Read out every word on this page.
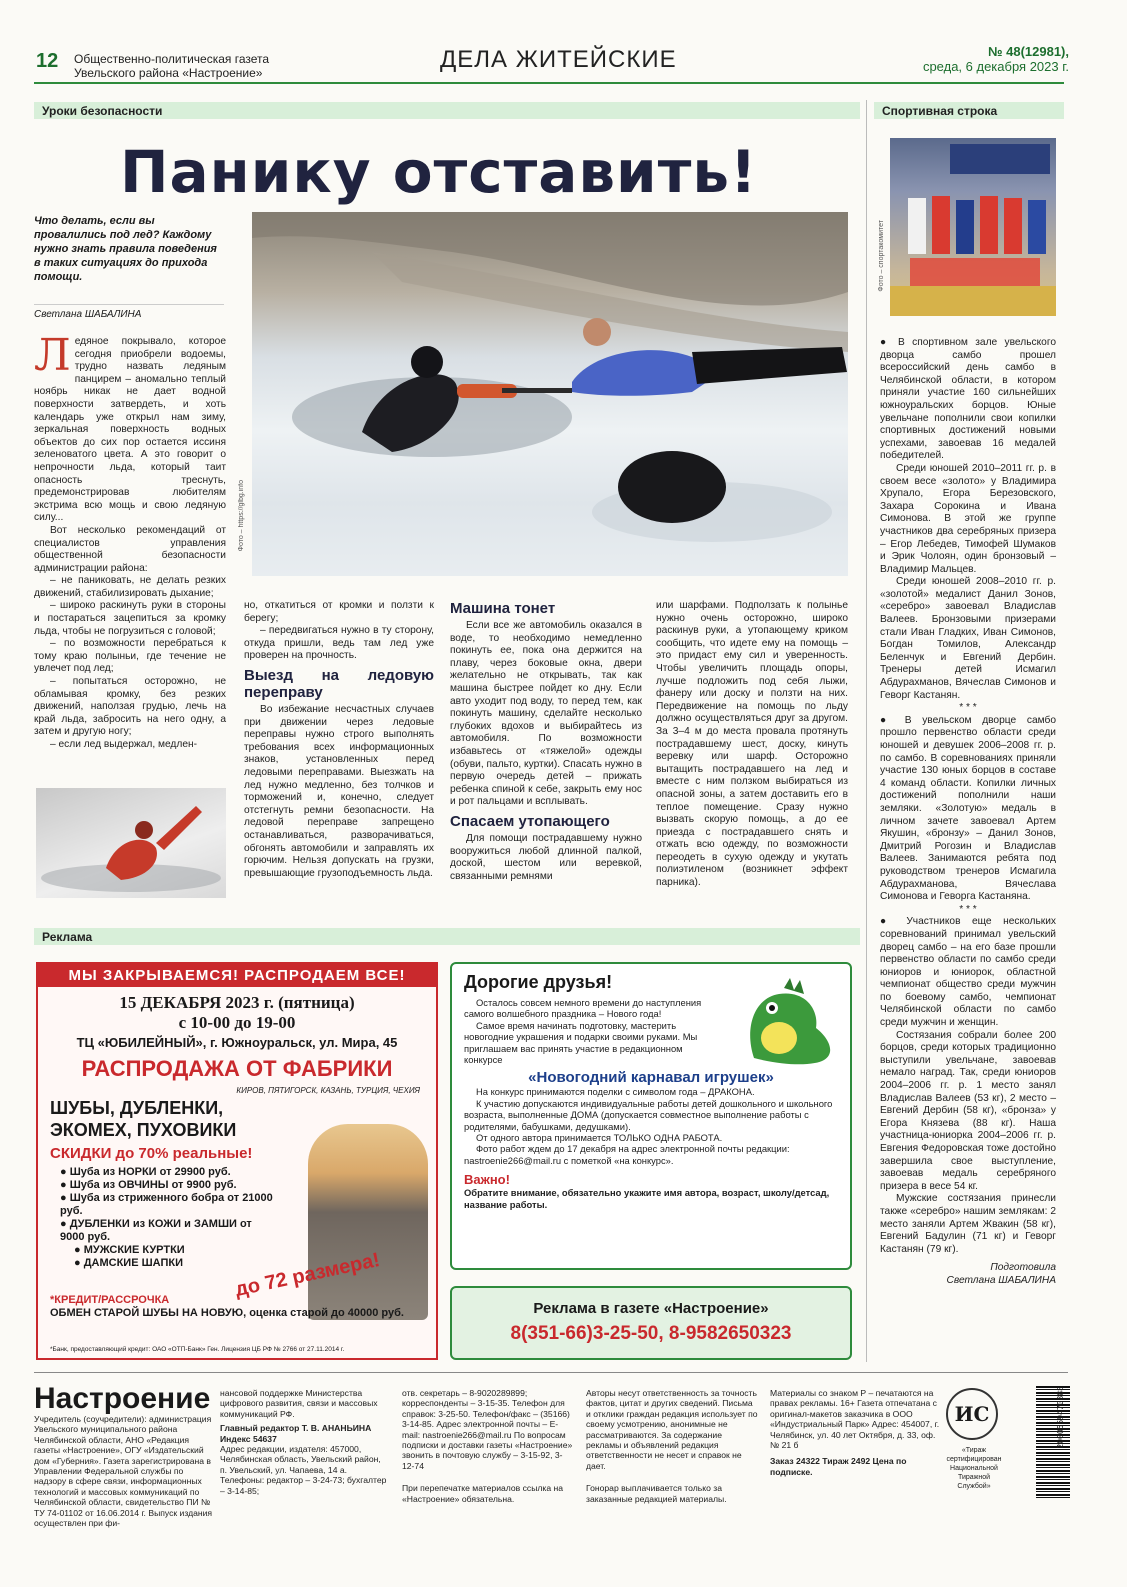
12 Общественно-политическая газета
Увельского района «Настроение»	ДЕЛА ЖИТЕЙСКИЕ	№ 48(12981),
среда, 6 декабря 2023 г.
Уроки безопасности	Спортивная строка
Панику отставить!
Что делать, если вы провалились под лед? Каждому нужно знать правила поведения в таких ситуациях до прихода помощи.
Светлана ШАБАЛИНА
Фото – https://glbg.info

Ледяное покрывало, которое сегодня приобрели водоемы, трудно назвать ледяным панцирем – аномально теплый ноябрь никак не дает водной поверхности затвердеть, и хоть календарь уже открыл нам зиму, зеркальная поверхность водных объектов до сих пор остается иссиня зеленоватого цвета. А это говорит о непрочности льда, который таит опасность треснуть, предемонстрировав любителям экстрима всю мощь и свою ледяную силу...

Вот несколько рекомендаций от специалистов управления общественной безопасности администрации района:

– не паниковать, не делать резких движений, стабилизировать дыхание;

– широко раскинуть руки в стороны и постараться зацепиться за кромку льда, чтобы не погрузиться с головой;

– по возможности перебраться к тому краю полыньи, где течение не увлечет под лед;

– попытаться осторожно, не обламывая кромку, без резких движений, наползая грудью, лечь на край льда, забросить на него одну, а затем и другую ногу;

– если лед выдержал, медлен-

но, откатиться от кромки и ползти к берегу;

– передвигаться нужно в ту сторону, откуда пришли, ведь там лед уже проверен на прочность.

Выезд на ледовую переправу

Во избежание несчастных случаев при движении через ледовые переправы нужно строго выполнять требования всех информационных знаков, установленных перед ледовыми переправами. Выезжать на лед нужно медленно, без толчков и торможений и, конечно, следует отстегнуть ремни безопасности. На ледовой переправе запрещено останавливаться, разворачиваться, обгонять автомобили и заправлять их горючим. Нельзя допускать на грузки, превышающие грузоподъемность льда.

Машина тонет

Если все же автомобиль оказался в воде, то необходимо немедленно покинуть ее, пока она держится на плаву, через боковые окна, двери желательно не открывать, так как машина быстрее пойдет ко дну. Если авто уходит под воду, то перед тем, как покинуть машину, сделайте несколько глубоких вдохов и выбирайтесь из автомобиля. По возможности избавьтесь от «тяжелой» одежды (обуви, пальто, куртки). Спасать нужно в первую очередь детей – прижать ребенка спиной к себе, закрыть ему нос и рот пальцами и всплывать.

Спасаем утопающего

Для помощи пострадавшему нужно вооружиться любой длинной палкой, доской, шестом или веревкой, связанными ремнями

или шарфами. Подползать к полынье нужно очень осторожно, широко раскинув руки, а утопающему криком сообщить, что идете ему на помощь – это придаст ему сил и уверенность. Чтобы увеличить площадь опоры, лучше подложить под себя лыжи, фанеру или доску и ползти на них. Передвижение на помощь по льду должно осуществляться друг за другом. За 3–4 м до места провала протянуть пострадавшему шест, доску, кинуть веревку или шарф. Осторожно вытащить пострадавшего на лед и вместе с ним ползком выбираться из опасной зоны, а затем доставить его в теплое помещение. Сразу нужно вызвать скорую помощь, а до ее приезда с пострадавшего снять и отжать всю одежду, по возможности переодеть в сухую одежду и укутать полиэтиленом (возникнет эффект парника).

Фото – спортакомитет

● В спортивном зале увельского дворца самбо прошел всероссийский день самбо в Челябинской области, в котором приняли участие 160 сильнейших южноуральских борцов. Юные увельчане пополнили свои копилки спортивных достижений новыми успехами, завоевав 16 медалей победителей.

Среди юношей 2010–2011 гг. р. в своем весе «золото» у Владимира Хрупало, Егора Березовского, Захара Сорокина и Ивана Симонова. В этой же группе участников два серебряных призера – Егор Лебедев, Тимофей Шумаков и Эрик Чолоян, один бронзовый – Владимир Мальцев.

Среди юношей 2008–2010 гг. р. «золотой» медалист Данил Зонов, «серебро» завоевал Владислав Валеев. Бронзовыми призерами стали Иван Гладких, Иван Симонов, Богдан Томилов, Александр Беленчук и Евгений Дербин. Тренеры детей Исмагил Абдурахманов, Вячеслав Симонов и Геворг Кастанян.

* * *

● В увельском дворце самбо прошло первенство области среди юношей и девушек 2006–2008 гг. р. по самбо. В соревнованиях приняли участие 130 юных борцов в составе 4 команд области. Копилки личных достижений пополнили наши земляки. «Золотую» медаль в личном зачете завоевал Артем Якушин, «бронзу» – Данил Зонов, Дмитрий Рогозин и Владислав Валеев. Занимаются ребята под руководством тренеров Исмагила Абдурахманова, Вячеслава Симонова и Геворга Кастаняна.

* * *

● Участников еще нескольких соревнований принимал увельский дворец самбо – на его базе прошли первенство области по самбо среди юниоров и юниорок, областной чемпионат общество среди мужчин по боевому самбо, чемпионат Челябинской области по самбо среди мужчин и женщин.

Состязания собрали более 200 борцов, среди которых традиционно выступили увельчане, завоевав немало наград. Так, среди юниоров 2004–2006 гг. р. 1 место занял Владислав Валеев (53 кг), 2 место – Евгений Дербин (58 кг), «бронза» у Егора Князева (88 кг). Наша участница-юниорка 2004–2006 гг. р. Евгения Федоровская тоже достойно завершила свое выступление, завоевав медаль серебряного призера в весе 54 кг.

Мужские состязания принесли также «серебро» нашим землякам: 2 место заняли Артем Жвакин (58 кг), Евгений Бадулин (71 кг) и Геворг Кастанян (79 кг).

Подготовила

Светлана ШАБАЛИНА

Реклама
МЫ ЗАКРЫВАЕМСЯ! РАСПРОДАЕМ ВСЕ!
15 ДЕКАБРЯ 2023 г. (пятница)
с 10-00 до 19-00
ТЦ «ЮБИЛЕЙНЫЙ», г. Южноуральск, ул. Мира, 45
РАСПРОДАЖА ОТ ФАБРИКИ
КИРОВ, ПЯТИГОРСК, КАЗАНЬ, ТУРЦИЯ, ЧЕХИЯ
ШУБЫ, ДУБЛЕНКИ, ЭКОМЕХ, ПУХОВИКИ
СКИДКИ до 70% реальные!
● Шуба из НОРКИ от 29900 руб.
● Шуба из ОВЧИНЫ от 9900 руб.
● Шуба из стриженного бобра от 21000 руб.
● ДУБЛЕНКИ из КОЖИ и ЗАМШИ от 9000 руб.
● МУЖСКИЕ КУРТКИ
● ДАМСКИЕ ШАПКИ	до 72 размера!
*КРЕДИТ/РАССРОЧКА
ОБМЕН СТАРОЙ ШУБЫ НА НОВУЮ, оценка старой до 40000 руб.
*Банк, предоставляющий кредит: ОАО «ОТП-Банк» Ген. Лицензия ЦБ РФ № 2766 от 27.11.2014 г.
Дорогие друзья!

Осталось совсем немного времени до наступления самого волшебного праздника – Нового года!

Самое время начинать подготовку, мастерить новогодние украшения и подарки своими руками. Мы приглашаем вас принять участие в редакционном конкурсе

«Новогодний карнавал игрушек»

На конкурс принимаются поделки с символом года – ДРАКОНА.

К участию допускаются индивидуальные работы детей дошкольного и школьного возраста, выполненные ДОМА (допускается совместное выполнение работы с родителями, бабушками, дедушками).

От одного автора принимается ТОЛЬКО ОДНА РАБОТА.

Фото работ ждем до 17 декабря на адрес электронной почты редакции: nastroenie266@mail.ru с пометкой «на конкурс».

Важно!
Обратите внимание, обязательно укажите имя автора, возраст, школу/детсад, название работы.
Реклама в газете «Настроение»
8(351-66)3-25-50, 8-9582650323
Настроение
Учредитель (соучредители): администрация Увельского муниципального района Челябинской области, АНО «Редакция газеты «Настроение», ОГУ «Издательский дом «Губерния». Газета зарегистрирована в Управлении Федеральной службы по надзору в сфере связи, информационных технологий и массовых коммуникаций по Челябинской области, свидетельство ПИ № ТУ 74-01102 от 16.06.2014 г. Выпуск издания осуществлен при фи-

нансовой поддержке Министерства цифрового развития, связи и массовых коммуникаций РФ.

Главный редактор Т. В. АНАНЬИНА Индекс 54637

Адрес редакции, издателя: 457000, Челябинская область, Увельский район, п. Увельский, ул. Чапаева, 14 а.

Телефоны: редактор – 3-24-73; бухгалтер – 3-14-85;

отв. секретарь – 8-9020289899; корреспонденты – 3-15-35. Телефон для справок: 3-25-50. Телефон/факс – (35166) 3-14-85. Адрес электронной почты – E-mail: nastroenie266@mail.ru По вопросам подписки и доставки газеты «Настроение» звонить в почтовую службу – 3-15-92, 3-12-74

При перепечатке материалов ссылка на «Настроение» обязательна.

Авторы несут ответственность за точность фактов, цитат и других сведений. Письма и отклики граждан редакция использует по своему усмотрению, анонимные не рассматриваются. За содержание рекламы и объявлений редакция ответственности не несет и справок не дает.

Гонорар выплачивается только за заказанные редакцией материалы.

Материалы со знаком Р – печатаются на правах рекламы. 16+ Газета отпечатана с оригинал-макетов заказчика в ООО «Индустриальный Парк» Адрес: 454007, г. Челябинск, ул. 40 лет Октября, д. 33, оф. № 21 б

Заказ 24322 Тираж 2492 Цена по подписке.

ИС
«Тираж сертифицирован Национальной Тиражной Службой»
2000559470888
